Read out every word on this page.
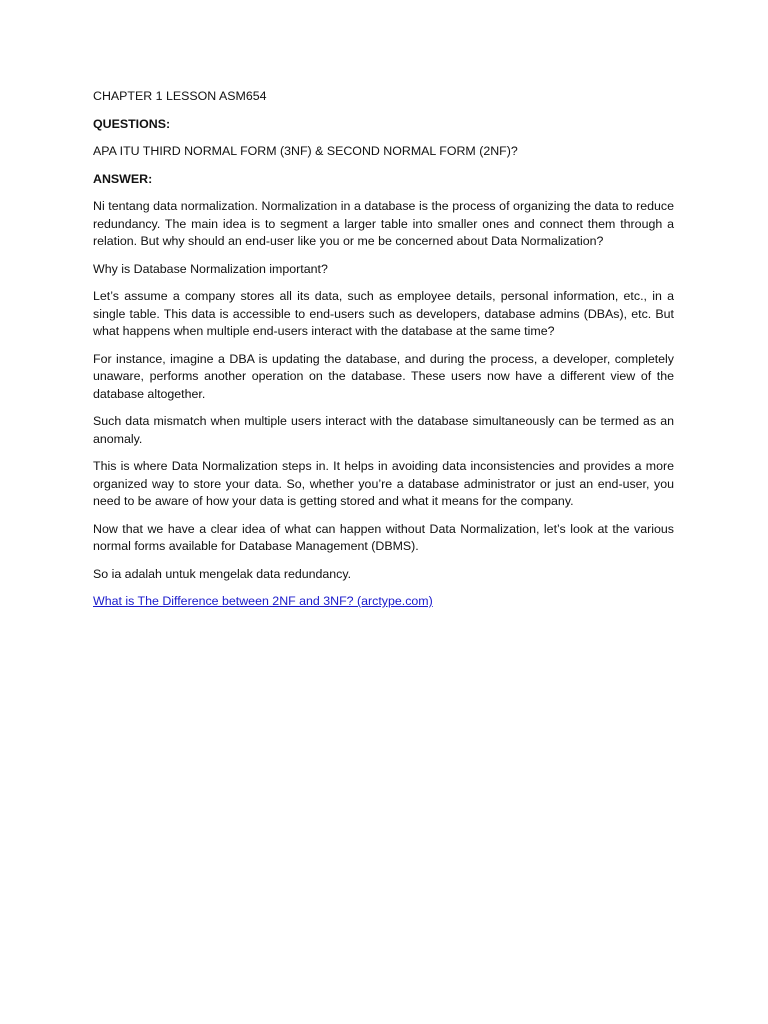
CHAPTER 1 LESSON ASM654

QUESTIONS:

APA ITU THIRD NORMAL FORM (3NF) & SECOND NORMAL FORM (2NF)?

ANSWER:

Ni tentang data normalization. Normalization in a database is the process of organizing the data to reduce redundancy. The main idea is to segment a larger table into smaller ones and connect them through a relation. But why should an end-user like you or me be concerned about Data Normalization?

Why is Database Normalization important?

Let’s assume a company stores all its data, such as employee details, personal information, etc., in a single table. This data is accessible to end-users such as developers, database admins (DBAs), etc. But what happens when multiple end-users interact with the database at the same time?

For instance, imagine a DBA is updating the database, and during the process, a developer, completely unaware, performs another operation on the database. These users now have a different view of the database altogether.

Such data mismatch when multiple users interact with the database simultaneously can be termed as an anomaly.

This is where Data Normalization steps in. It helps in avoiding data inconsistencies and provides a more organized way to store your data. So, whether you’re a database administrator or just an end-user, you need to be aware of how your data is getting stored and what it means for the company.

Now that we have a clear idea of what can happen without Data Normalization, let’s look at the various normal forms available for Database Management (DBMS).

So ia adalah untuk mengelak data redundancy.

What is The Difference between 2NF and 3NF? (arctype.com)
